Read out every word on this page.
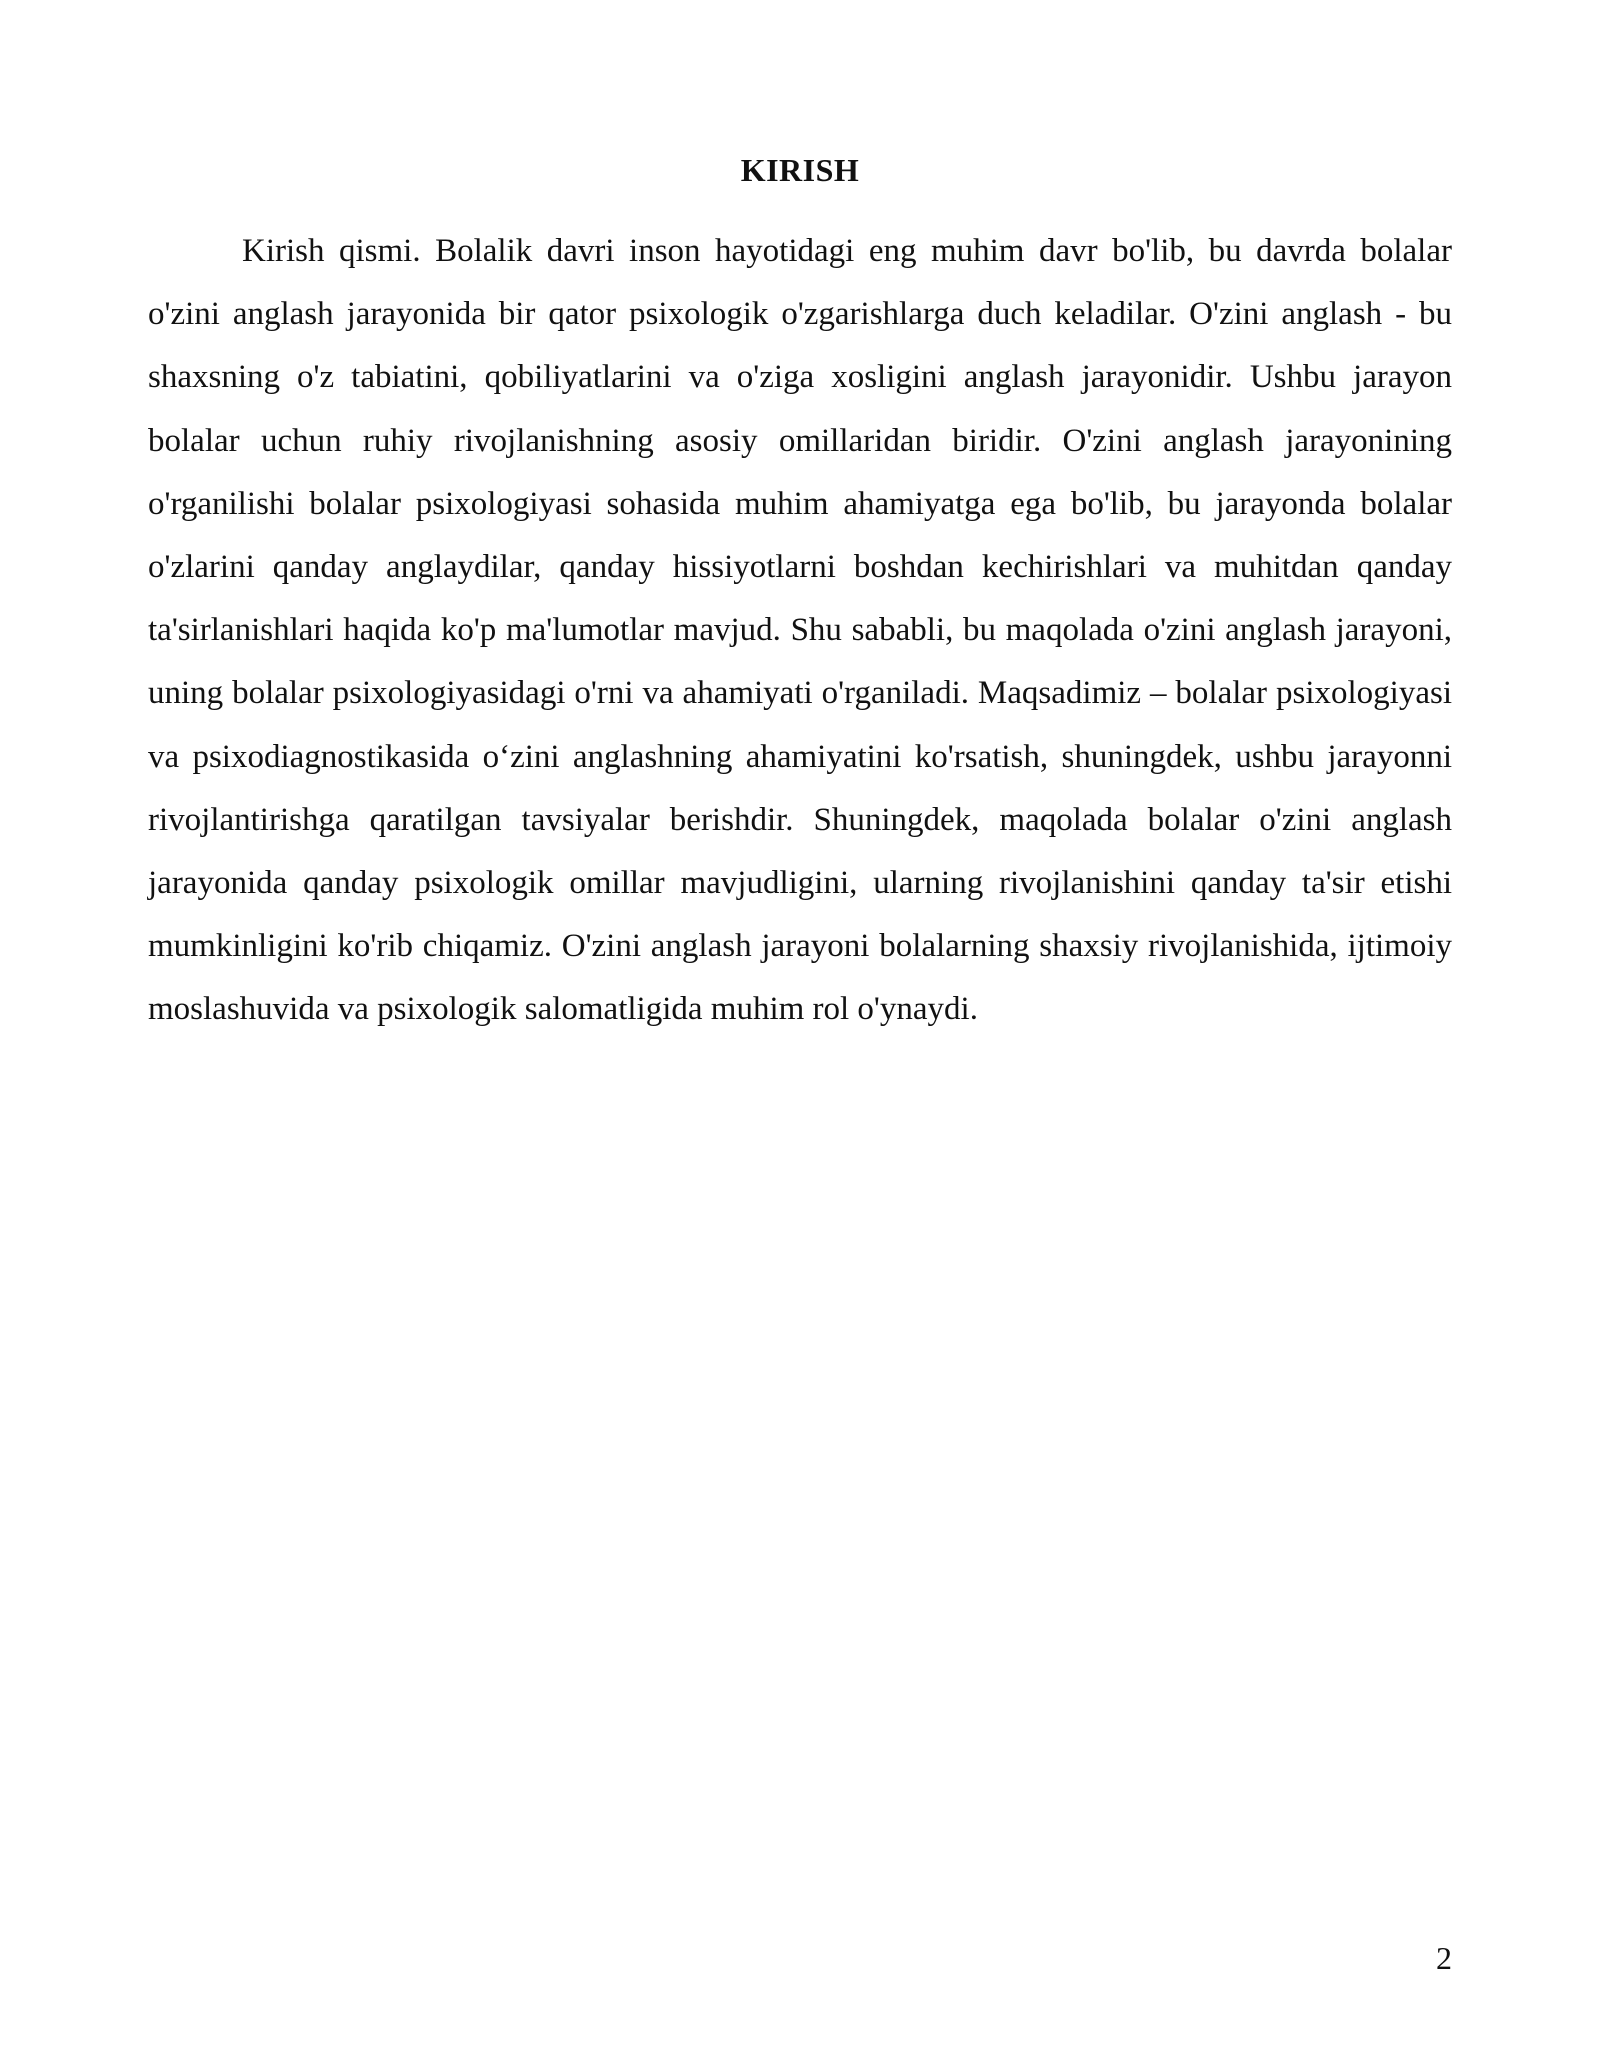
KIRISH

Kirish qismi. Bolalik davri inson hayotidagi eng muhim davr bo'lib, bu davrda bolalar o'zini anglash jarayonida bir qator psixologik o'zgarishlarga duch keladilar. O'zini anglash - bu shaxsning o'z tabiatini, qobiliyatlarini va o'ziga xosligini anglash jarayonidir. Ushbu jarayon bolalar uchun ruhiy rivojlanishning asosiy omillaridan biridir. O'zini anglash jarayonining o'rganilishi bolalar psixologiyasi sohasida muhim ahamiyatga ega bo'lib, bu jarayonda bolalar o'zlarini qanday anglaydilar, qanday hissiyotlarni boshdan kechirishlari va muhitdan qanday ta'sirlanishlari haqida ko'p ma'lumotlar mavjud. Shu sababli, bu maqolada o'zini anglash jarayoni, uning bolalar psixologiyasidagi o'rni va ahamiyati o'rganiladi. Maqsadimiz – bolalar psixologiyasi va psixodiagnostikasida o‘zini anglashning ahamiyatini ko'rsatish, shuningdek, ushbu jarayonni rivojlantirishga qaratilgan tavsiyalar berishdir. Shuningdek, maqolada bolalar o'zini anglash jarayonida qanday psixologik omillar mavjudligini, ularning rivojlanishini qanday ta'sir etishi mumkinligini ko'rib chiqamiz. O'zini anglash jarayoni bolalarning shaxsiy rivojlanishida, ijtimoiy moslashuvida va psixologik salomatligida muhim rol o'ynaydi.

2
